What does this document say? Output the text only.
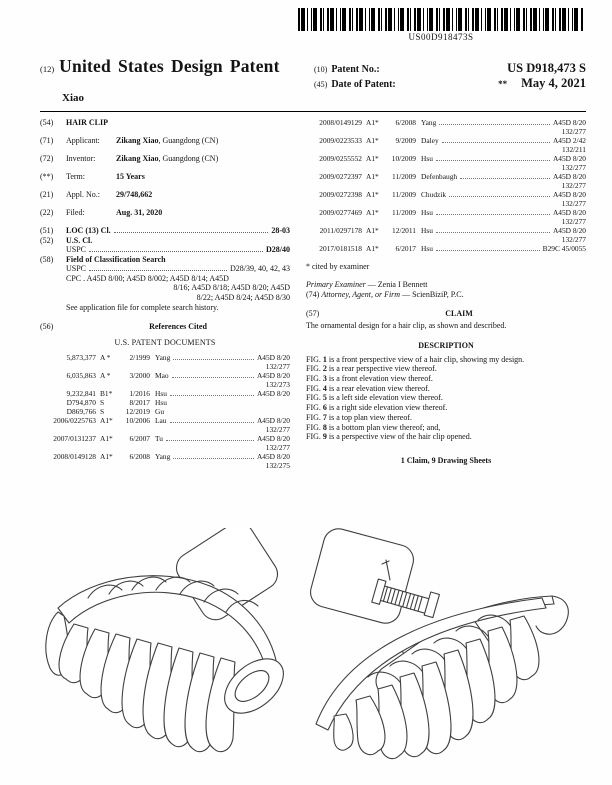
US00D918473S
(12) United States Design Patent	(10) Patent No.:	US D918,473 S
(45) Date of Patent:	** May 4, 2021
Xiao
(54)	HAIR CLIP
(71)	Applicant:	Zikang Xiao, Guangdong (CN)
(72)	Inventor:	Zikang Xiao, Guangdong (CN)
(**)	Term:	15 Years
(21)	Appl. No.:	29/748,662
(22)	Filed:	Aug. 31, 2020
(51)	LOC (13) Cl.	28-03
(52)	U.S. Cl.
USPC	D28/40
(58)	Field of Classification Search
USPC	D28/39, 40, 42, 43
CPC . A45D 8/00; A45D 8/002; A45D 8/14; A45D
8/16; A45D 8/18; A45D 8/20; A45D
8/22; A45D 8/24; A45D 8/30
See application file for complete search history.
(56)	References Cited
U.S. PATENT DOCUMENTS
5,873,377 A *	2/1999 Yang	A45D 8/20
132/277
6,035,863 A *	3/2000 Mao	A45D 8/20
132/273
9,232,841 B1*	1/2016 Hsu	A45D 8/20
D794,870 S	8/2017 Hsu
D869,766 S	12/2019 Gu
2006/0225763 A1*	10/2006 Lau	A45D 8/20
132/277
2007/0131237 A1*	6/2007 Tu	A45D 8/20
132/277
2008/0149128 A1*	6/2008 Yang	A45D 8/20
132/275
2008/0149129 A1*	6/2008 Yang	A45D 8/20
132/277
2009/0223533 A1*	9/2009 Daley	A45D 2/42
132/211
2009/0255552 A1*	10/2009 Hsu	A45D 8/20
132/277
2009/0272397 A1*	11/2009 Defenbaugh	A45D 8/20
132/277
2009/0272398 A1*	11/2009 Chudzik	A45D 8/20
132/277
2009/0277469 A1*	11/2009 Hsu	A45D 8/20
132/277
2011/0297178 A1*	12/2011 Hsu	A45D 8/20
132/277
2017/0181518 A1*	6/2017 Hsu	B29C 45/0055
* cited by examiner
Primary Examiner — Zenia I Bennett
(74) Attorney, Agent, or Firm — ScienBiziP, P.C.
(57)	CLAIM
The ornamental design for a hair clip, as shown and described.
DESCRIPTION
FIG. 1 is a front perspective view of a hair clip, showing my design.
FIG. 2 is a rear perspective view thereof.
FIG. 3 is a front elevation view thereof.
FIG. 4 is a rear elevation view thereof.
FIG. 5 is a left side elevation view thereof.
FIG. 6 is a right side elevation view thereof.
FIG. 7 is a top plan view thereof.
FIG. 8 is a bottom plan view thereof; and,
FIG. 9 is a perspective view of the hair clip opened.
1 Claim, 9 Drawing Sheets
